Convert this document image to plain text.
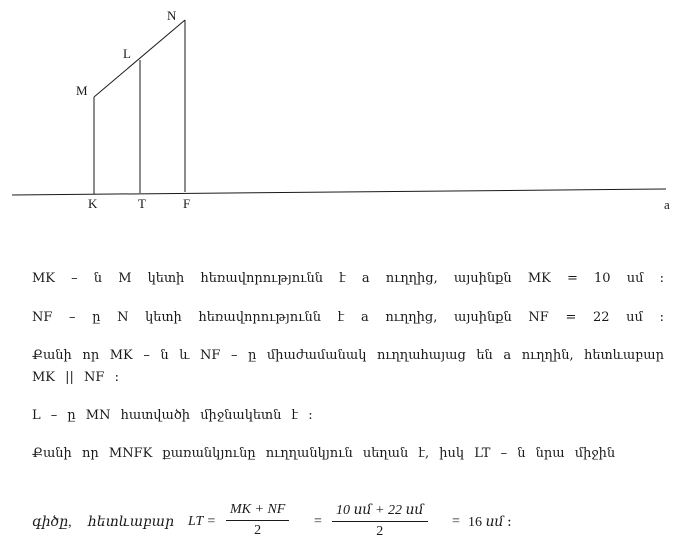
N
L
M
K	T	F	a
MK – ն M կետի հեռավորությունն է a ուղղից, այսինքն MK = 10 սմ ։
NF – ը N կետի հեռավորությունն է a ուղղից, այսինքն NF = 22 սմ ։
Քանի որ MK – ն և NF – ը միաժամանակ ուղղահայաց են a ուղղին, հետևաբար MK || NF ։
L – ը MN հատվածի միջնակետն է ։
Քանի որ MNFK քառանկյունը ուղղանկյուն սեղան է, իսկ LT – ն նրա միջին
գիծը, հետևաբար LT = $\frac{MK + NF}{2}$ =
10 սմ + 22 սմ
2
= 16 սմ ։
